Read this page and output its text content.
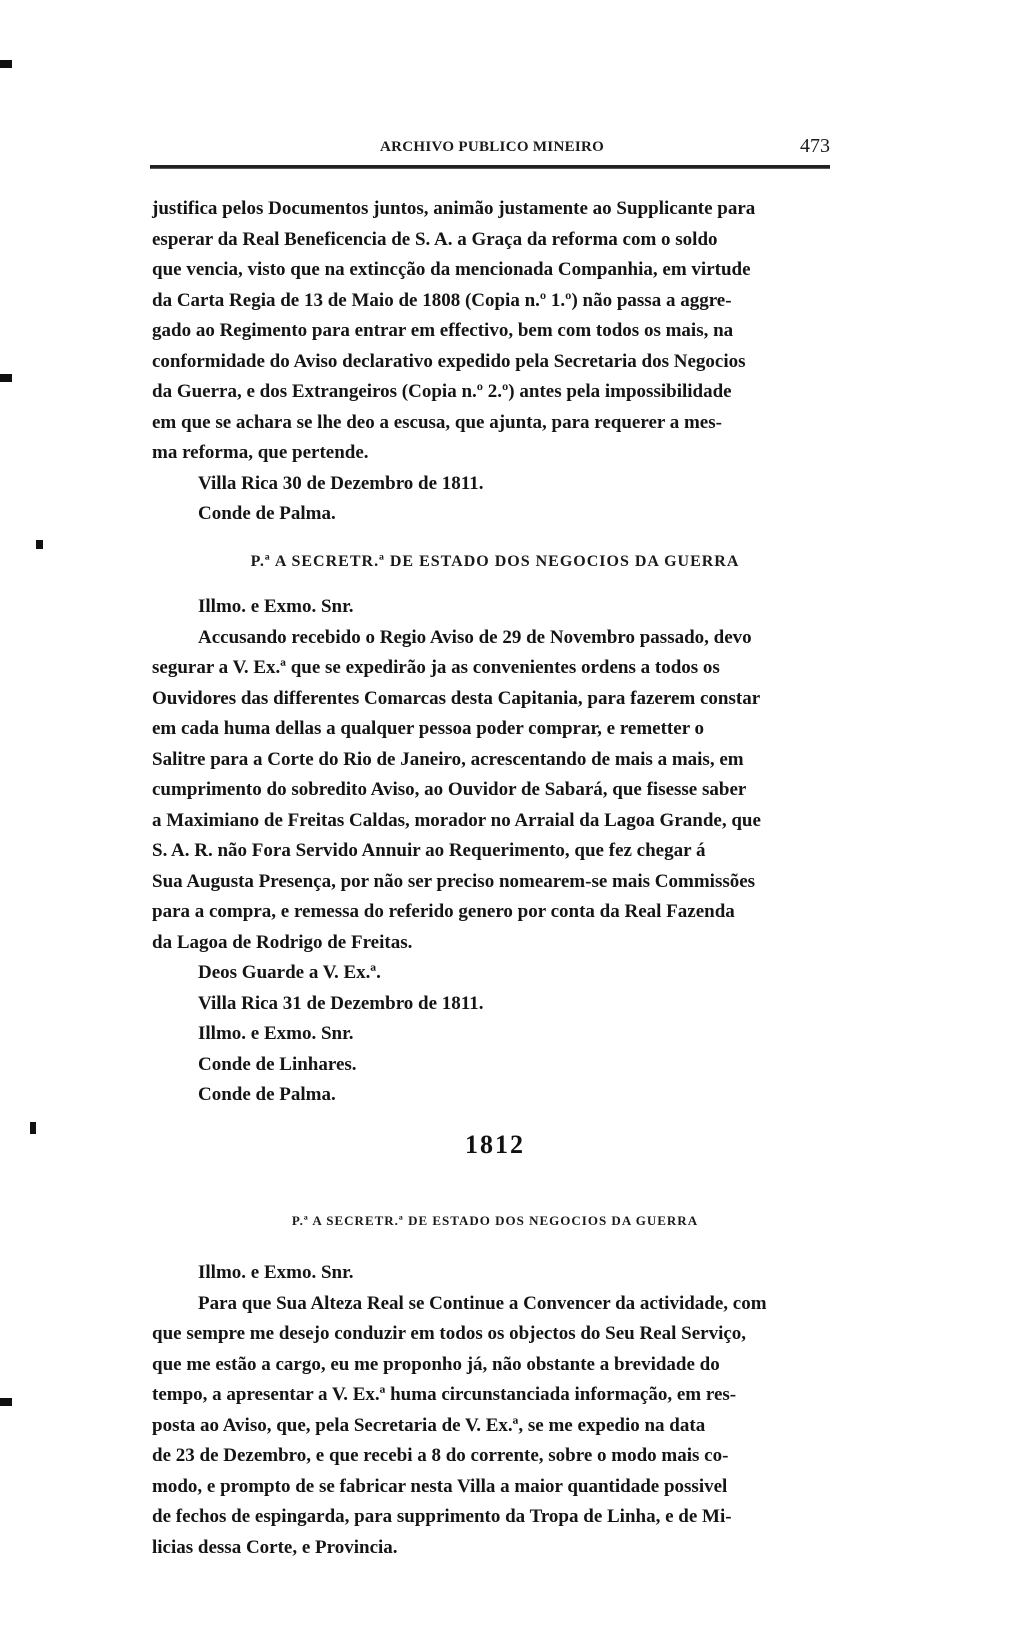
ARCHIVO PUBLICO MINEIRO	473
justifica pelos Documentos juntos, animão justamente ao Supplicante para
esperar da Real Beneficencia de S. A. a Graça da reforma com o soldo
que vencia, visto que na extincção da mencionada Companhia, em virtude
da Carta Regia de 13 de Maio de 1808 (Copia n.º 1.º) não passa a aggre-
gado ao Regimento para entrar em effectivo, bem com todos os mais, na
conformidade do Aviso declarativo expedido pela Secretaria dos Negocios
da Guerra, e dos Extrangeiros (Copia n.º 2.º) antes pela impossibilidade
em que se achara se lhe deo a escusa, que ajunta, para requerer a mes-
ma reforma, que pertende.
Villa Rica 30 de Dezembro de 1811.
Conde de Palma.
P.ª A SECRETR.ª DE ESTADO DOS NEGOCIOS DA GUERRA
Illmo. e Exmo. Snr.
Accusando recebido o Regio Aviso de 29 de Novembro passado, devo
segurar a V. Ex.ª que se expedirão ja as convenientes ordens a todos os
Ouvidores das differentes Comarcas desta Capitania, para fazerem constar
em cada huma dellas a qualquer pessoa poder comprar, e remetter o
Salitre para a Corte do Rio de Janeiro, acrescentando de mais a mais, em
cumprimento do sobredito Aviso, ao Ouvidor de Sabará, que fisesse saber
a Maximiano de Freitas Caldas, morador no Arraial da Lagoa Grande, que
S. A. R. não Fora Servido Annuir ao Requerimento, que fez chegar á
Sua Augusta Presença, por não ser preciso nomearem-se mais Commissões
para a compra, e remessa do referido genero por conta da Real Fazenda
da Lagoa de Rodrigo de Freitas.
Deos Guarde a V. Ex.ª.
Villa Rica 31 de Dezembro de 1811.
Illmo. e Exmo. Snr.
Conde de Linhares.
Conde de Palma.
1812
P.ª A SECRETR.ª DE ESTADO DOS NEGOCIOS DA GUERRA
Illmo. e Exmo. Snr.
Para que Sua Alteza Real se Continue a Convencer da actividade, com
que sempre me desejo conduzir em todos os objectos do Seu Real Serviço,
que me estão a cargo, eu me proponho já, não obstante a brevidade do
tempo, a apresentar a V. Ex.ª huma circunstanciada informação, em res-
posta ao Aviso, que, pela Secretaria de V. Ex.ª, se me expedio na data
de 23 de Dezembro, e que recebi a 8 do corrente, sobre o modo mais co-
modo, e prompto de se fabricar nesta Villa a maior quantidade possivel
de fechos de espingarda, para supprimento da Tropa de Linha, e de Mi-
licias dessa Corte, e Provincia.
